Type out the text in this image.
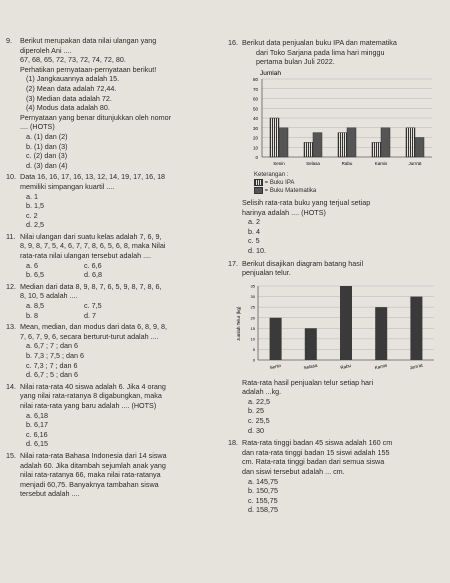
9. Berikut merupakan data nilai ulangan yang
diperoleh Ani ....
67, 68, 65, 72, 73, 72, 74, 72, 80.
Perhatikan pernyataan-pernyataan berikut!
(1) Jangkauannya adalah 15.
(2) Mean data adalah 72,44.
(3) Median data adalah 72.
(4) Modus data adalah 80.
Pernyataan yang benar ditunjukkan oleh nomor
.... (HOTS)
a. (1) dan (2)
b. (1) dan (3)
c. (2) dan (3)
d. (3) dan (4)
10. Data 16, 16, 17, 16, 13, 12, 14, 19, 17, 16, 18
memiliki simpangan kuartil ....
a. 1
b. 1,5
c. 2
d. 2,5
11. Nilai ulangan dari suatu kelas adalah 7, 6, 9,
8, 9, 8, 7, 5, 4, 6, 7, 7, 8, 6, 5, 6, 8, maka Nilai
rata-rata nilai ulangan tersebut adalah ....
a. 6	c. 6,6
b. 6,5	d. 6,8
12. Median dari data 8, 9, 8, 7, 6, 5, 9, 8, 7, 8, 6,
8, 10, 5 adalah ....
a. 8,5	c. 7,5
b. 8	d. 7
13. Mean, median, dan modus dari data 6, 8, 9, 8,
7, 6, 7, 9, 6, secara berturut-turut adalah ....
a. 6,7 ; 7 ; dan 6
b. 7,3 ; 7,5 ; dan 6
c. 7,3 ; 7 ; dan 6
d. 6,7 ; 5 ; dan 6
14. Nilai rata-rata 40 siswa adalah 6. Jika 4 orang
yang nilai rata-ratanya 8 digabungkan, maka
nilai rata-rata yang baru adalah .... (HOTS)
a. 6,18
b. 6,17
c. 6,16
d. 6,15
15. Nilai rata-rata Bahasa Indonesia dari 14 siswa
adalah 60. Jika ditambah sejumlah anak yang
nilai rata-ratanya 66, maka nilai rata-ratanya
menjadi 60,75. Banyaknya tambahan siswa
tersebut adalah ....
16. Berikut data penjualan buku IPA dan matematika
dari Toko Sarjana pada lima hari minggu
pertama bulan Juli 2022.
Jumlah
80
70
60
50
40
30
20
10
0
Senin	Selasa	Rabu	Kamis	Jum'at
Keterangan :
= Buku IPA
= Buku Matematika
Selisih rata-rata buku yang terjual setiap
harinya adalah .... (HOTS)
a. 2
b. 4
c. 5
d. 10.
17. Berikut disajikan diagram batang hasil
penjualan telur.
0
5
10
15
20
25
30
35
Jumlah Telur (kg)
Senin	Selasa	Rabu	Kamis	Jum'at
Rata-rata hasil penjualan telur setiap hari
adalah ...kg.
a. 22,5
b. 25
c. 25,5
d. 30
18. Rata-rata tinggi badan 45 siswa adalah 160 cm
dan rata-rata tinggi badan 15 siswi adalah 155
cm. Rata-rata tinggi badan dari semua siswa
dan siswi tersebut adalah ... cm.
a. 145,75
b. 150,75
c. 155,75
d. 158,75
